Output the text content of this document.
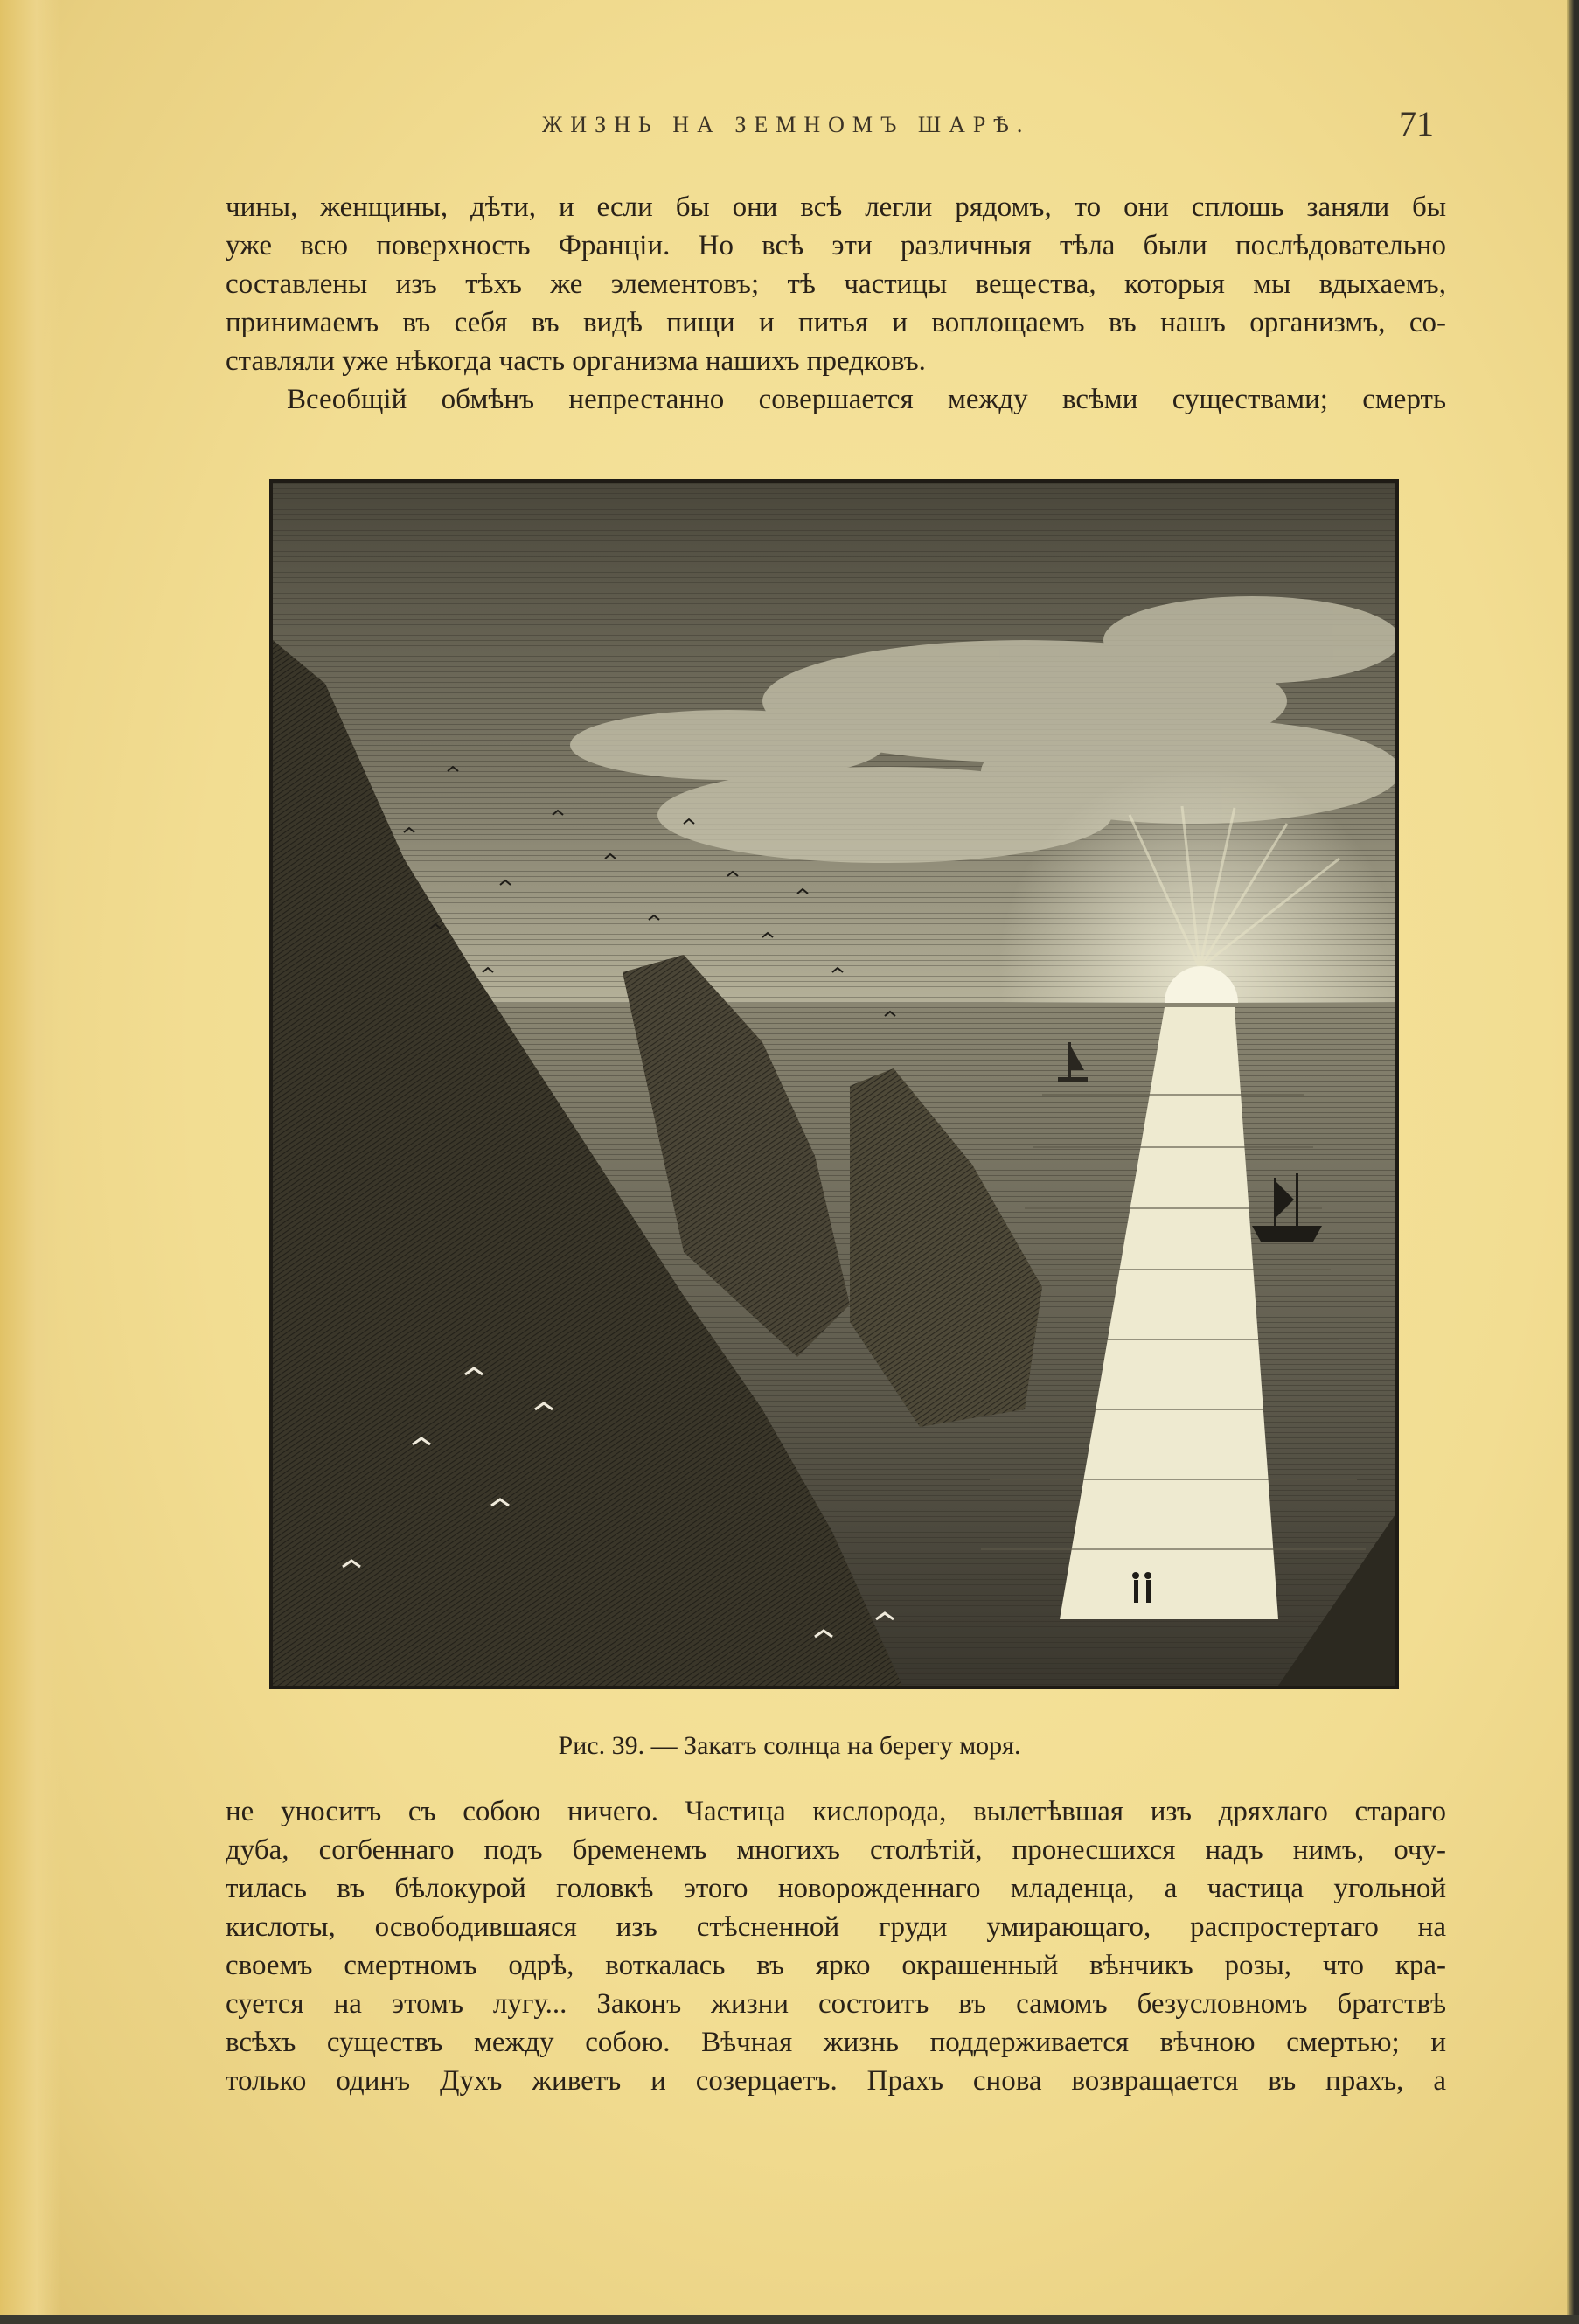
ЖИЗНЬ НА ЗЕМНОМЪ ШАРѢ.	71
чины, женщины, дѣти, и если бы они всѣ легли рядомъ, то они сплошь заняли бы
уже всю поверхность Франціи. Но всѣ эти различныя тѣла были послѣдовательно
составлены изъ тѣхъ же элементовъ; тѣ частицы вещества, которыя мы вдыхаемъ,
принимаемъ въ себя въ видѣ пищи и питья и воплощаемъ въ нашъ организмъ, со-
ставляли уже нѣкогда часть организма нашихъ предковъ.
Всеобщій обмѣнъ непрестанно совершается между всѣми существами; смерть
Рис. 39. — Закатъ солнца на берегу моря.
не уноситъ съ собою ничего. Частица кислорода, вылетѣвшая изъ дряхлаго стараго
дуба, согбеннаго подъ бременемъ многихъ столѣтій, пронесшихся надъ нимъ, очу-
тилась въ бѣлокурой головкѣ этого новорожденнаго младенца, а частица угольной
кислоты, освободившаяся изъ стѣсненной груди умирающаго, распростертаго на
своемъ смертномъ одрѣ, воткалась въ ярко окрашенный вѣнчикъ розы, что кра-
суется на этомъ лугу... Законъ жизни состоитъ въ самомъ безусловномъ братствѣ
всѣхъ существъ между собою. Вѣчная жизнь поддерживается вѣчною смертью; и
только одинъ Духъ живетъ и созерцаетъ. Прахъ снова возвращается въ прахъ, а
